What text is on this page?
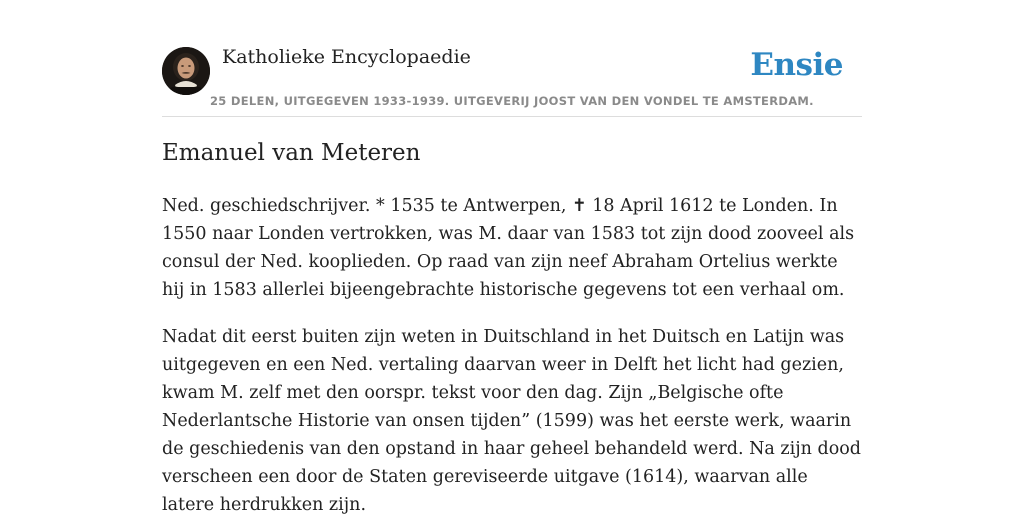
Katholieke Encyclopaedie	Ensie
25 DELEN, UITGEGEVEN 1933-1939. UITGEVERIJ JOOST VAN DEN VONDEL TE AMSTERDAM.
Emanuel van Meteren

Ned. geschiedschrijver. * 1535 te Antwerpen, ✝ 18 April 1612 te Londen. In 1550 naar Londen vertrokken, was M. daar van 1583 tot zijn dood zooveel als consul der Ned. kooplieden. Op raad van zijn neef Abraham Ortelius werkte hij in 1583 allerlei bijeengebrachte historische gegevens tot een verhaal om.

Nadat dit eerst buiten zijn weten in Duitschland in het Duitsch en Latijn was uitgegeven en een Ned. vertaling daarvan weer in Delft het licht had gezien, kwam M. zelf met den oorspr. tekst voor den dag. Zijn „Belgische ofte Nederlantsche Historie van onsen tijden” (1599) was het eerste werk, waarin de geschiedenis van den opstand in haar geheel behandeld werd. Na zijn dood verscheen een door de Staten gereviseerde uitgave (1614), waarvan alle latere herdrukken zijn.
